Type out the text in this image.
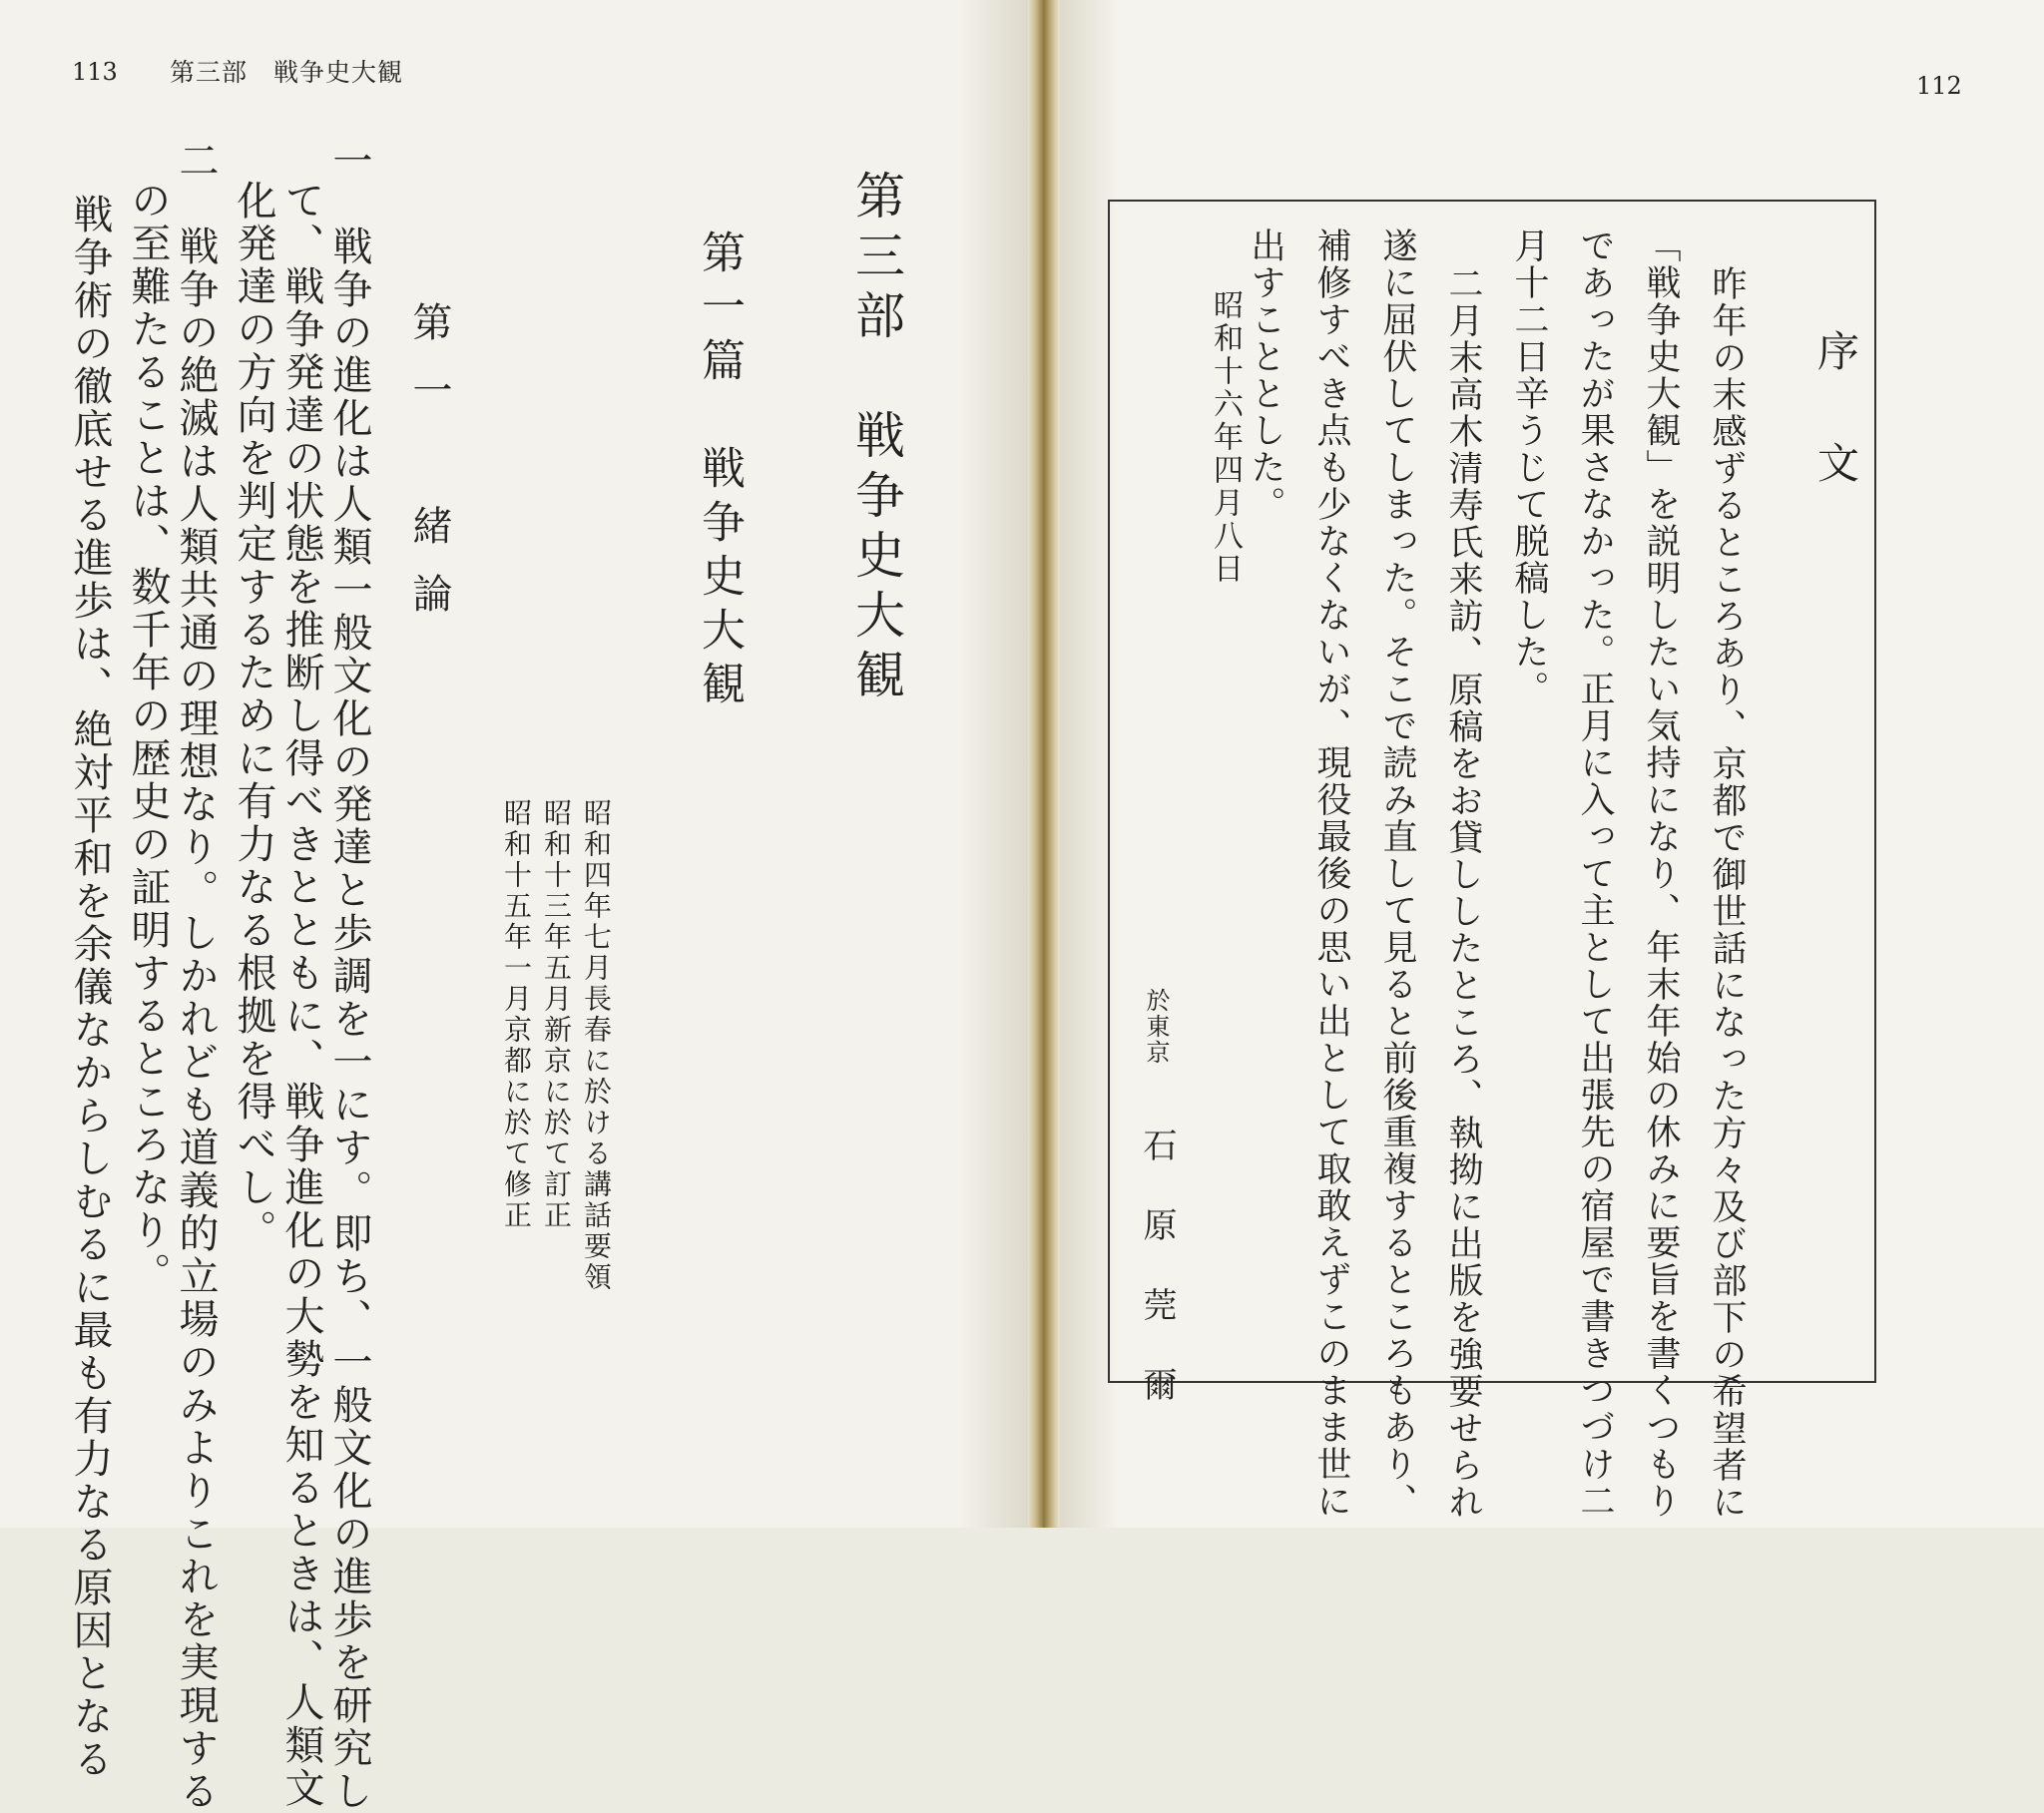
113 第三部　戦争史大観
第三部　戦争史大観
第一篇　戦争史大観
第一　緒論
昭和四年七月長春に於ける講話要領
昭和十三年五月新京に於て訂正
昭和十五年一月京都に於て修正
一　戦争の進化は人類一般文化の発達と歩調を一にす。即ち、一般文化の進歩を研究し
て、戦争発達の状態を推断し得べきとともに、戦争進化の大勢を知るときは、人類文
化発達の方向を判定するために有力なる根拠を得べし。
二　戦争の絶滅は人類共通の理想なり。しかれども道義的立場のみよりこれを実現する
の至難たることは、数千年の歴史の証明するところなり。
戦争術の徹底せる進歩は、絶対平和を余儀なからしむるに最も有力なる原因となる
112
序　文
昨年の末感ずるところあり、京都で御世話になった方々及び部下の希望者に
「戦争史大観」を説明したい気持になり、年末年始の休みに要旨を書くつもり
であったが果さなかった。正月に入って主として出張先の宿屋で書きつづけ二
月十二日辛うじて脱稿した。
二月末高木清寿氏来訪、原稿をお貸ししたところ、執拗に出版を強要せられ
遂に屈伏してしまった。そこで読み直して見ると前後重複するところもあり、
補修すべき点も少なくないが、現役最後の思い出として取敢えずこのまま世に
出すこととした。
昭和十六年四月八日
於東京
石　原　莞　爾
